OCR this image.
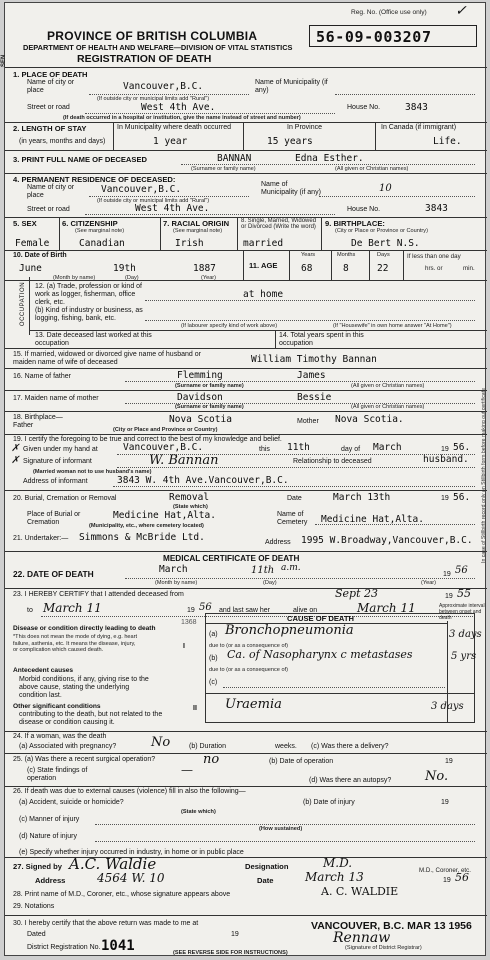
Reg. No. (Office use only) ✓
PROVINCE OF BRITISH COLUMBIA
DEPARTMENT OF HEALTH AND WELFARE—DIVISION OF VITAL STATISTICS
REGISTRATION OF DEATH
56-09-003207
SEN
1. PLACE OF DEATH
Name of city or place	Vancouver,B.C.
(If outside city or municipal limits add "Rural")
Name of Municipality (if any)
Street or road	West 4th Ave.	House No.	3843
(If death occurred in a hospital or institution, give the name instead of street and number)
2. LENGTH OF STAY
(in years, months and days)
In Municipality where death occurred
1 year
In Province
15 years
In Canada (if immigrant)
Life.
3. PRINT FULL NAME OF DECEASED	BANNAN	Edna Esther.
(Surname or family name)	(All given or Christian names)
4. PERMANENT RESIDENCE OF DECEASED:
Name of city or place
Vancouver,B.C.
(If outside city or municipal limits add "Rural")
Name of Municipality (if any)	10
Street or road	West 4th Ave.	House No.	3843
5. SEX
Female
6. CITIZENSHIP
(See marginal note)
Canadian
7. RACIAL ORIGIN
(See marginal note)
Irish
8. Single, Married, Widowed or Divorced (Write the word)
married
9. BIRTHPLACE:
(City or Place or Province or Country)
De Bert N.S.
10. Date of Birth
June	19th	1887
(Month by name)	(Day)	(Year)
11. AGE
Years
68
Months
8
Days
22
If less than one day
hrs. or	min.
OCCUPATION 12. (a) Trade, profession or kind of work as logger, fisherman, office clerk, etc.
at home
(b) Kind of industry or business, as logging, fishing, bank, etc.
(If labourer specify kind of work above)	(If "Housewife" in own home answer "At Home")
13. Date deceased last worked at this occupation
14. Total years spent in this occupation
15. If married, widowed or divorced give name of husband or maiden name of wife of deceased	William Timothy Bannan
16. Name of father	Flemming	James
(Surname or family name)	(All given or Christian names)
17. Maiden name of mother	Davidson	Bessie
(Surname or family name)	(All given or Christian names)
18. Birthplace— Father
Nova Scotia	Mother Nova Scotia.
(City or Place and Province or Country)
19. I certify the foregoing to be true and correct to the best of my knowledge and belief.
✗ Given under my hand at	Vancouver,B.C.	this 11th	day of March	19 56.
✗ Signature of informant	W. Bannan	Relationship to deceased	husband.
(Married woman not to use husband's name)
Address of informant	3843 W. 4th Ave.Vancouver,B.C.
20. Burial, Cremation or Removal	Removal
(State which)
Date	March 13th	19 56.
Place of Burial or Cremation
Medicine Hat,Alta.
(Municipality, etc., where cemetery located)
Name of Cemetery	Medicine Hat,Alta.
21. Undertaker:— Simmons & McBride Ltd.	Address 1995 W.Broadway,Vancouver,B.C.
MEDICAL CERTIFICATE OF DEATH
22. DATE OF DEATH	March	11th a.m.
19 56
(Month by name)	(Day)	(Year)
23. I HEREBY CERTIFY that I attended deceased from	Sept 23	19 55
to March 11	19 56 and last saw her	alive on	March 11
Disease or condition directly leading to death
*This does not mean the mode of dying, e.g. heart failure, asthenia, etc. It means the disease, injury, or complication which caused death.
Antecedent causes
Morbid conditions, if any, giving rise to the above cause, stating the underlying condition last.
Other significant conditions
contributing to the death, but not related to the disease or condition causing it.
1368
I
CAUSE OF DEATH
Approximate interval between onset and death
(a) Bronchopneumonia	3 days
due to (or as a consequence of)
(b) Ca. of Nasopharynx c metastases	5 yrs
due to (or as a consequence of)
(c)
II Uraemia	3 days
24. If a woman, was the death
(a) Associated with pregnancy?	No	(b) Duration	weeks. (c) Was there a delivery?
25. (a) Was there a recent surgical operation?	no	(b) Date of operation	19
(c) State findings of operation
—
(d) Was there an autopsy?	No.
26. If death was due to external causes (violence) fill in also the following—
(a) Accident, suicide or homicide?	(b) Date of injury	19
(State which)
(c) Manner of injury
(How sustained)
(d) Nature of injury
(e) Specify whether injury occurred in industry, in home or in public place
27. Signed by A.C. Waldie	Designation	M.D.
M.D., Coroner, etc.
Address	4564 W. 10	Date	March 13	19 56
28. Print name of M.D., Coroner, etc., whose signature appears above	A. C. WALDIE
29. Notations
30. I hereby certify that the above return was made to me at
Dated	19
VANCOUVER, B.C. MAR 13 1956
District Registration No. 1041	Rennaw
(Signature of District Registrar)
(SEE REVERSE SIDE FOR INSTRUCTIONS)
In case of Stillbirth record only on Stillbirth form before making out certificate
